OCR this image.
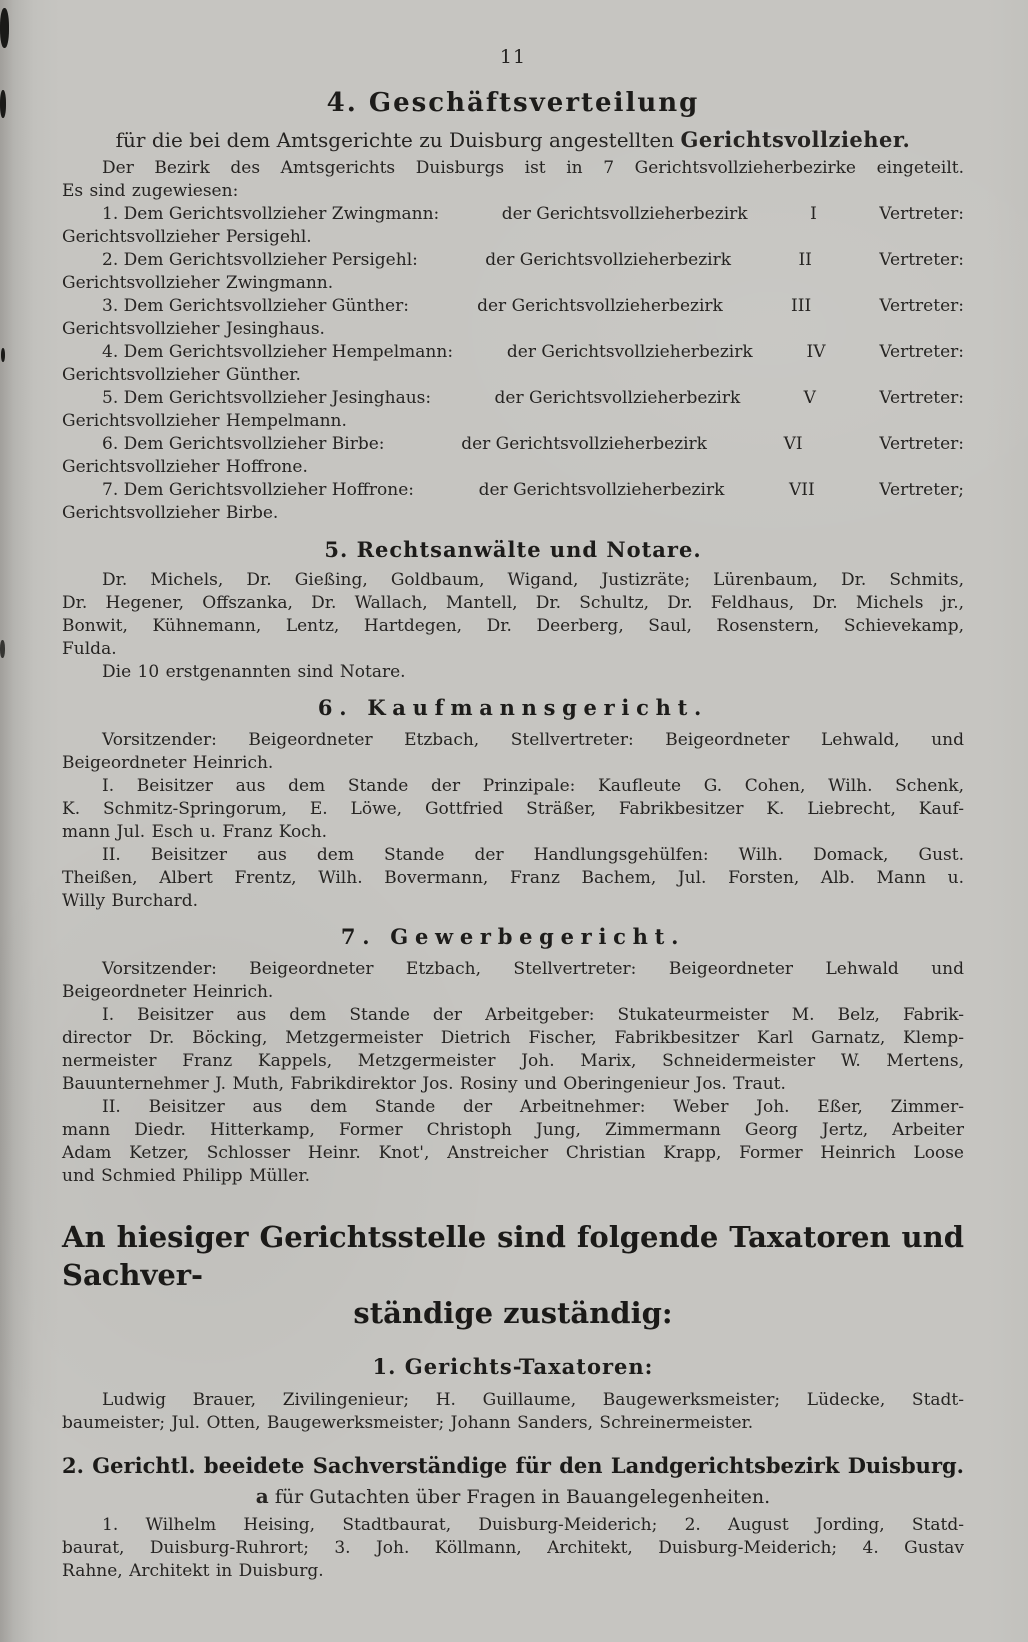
11
4. Geschäftsverteilung
für die bei dem Amtsgerichte zu Duisburg angestellten Gerichtsvollzieher.
Der Bezirk des Amtsgerichts Duisburgs ist in 7 Gerichtsvollzieherbezirke eingeteilt.
Es sind zugewiesen:
1. Dem Gerichtsvollzieher Zwingmann:	der Gerichtsvollzieherbezirk	I	Vertreter:
Gerichtsvollzieher Persigehl.
2. Dem Gerichtsvollzieher Persigehl:	der Gerichtsvollzieherbezirk	II	Vertreter:
Gerichtsvollzieher Zwingmann.
3. Dem Gerichtsvollzieher Günther:	der Gerichtsvollzieherbezirk	III	Vertreter:
Gerichtsvollzieher Jesinghaus.
4. Dem Gerichtsvollzieher Hempelmann:	der Gerichtsvollzieherbezirk	IV	Vertreter:
Gerichtsvollzieher Günther.
5. Dem Gerichtsvollzieher Jesinghaus:	der Gerichtsvollzieherbezirk	V	Vertreter:
Gerichtsvollzieher Hempelmann.
6. Dem Gerichtsvollzieher Birbe:	der Gerichtsvollzieherbezirk	VI	Vertreter:
Gerichtsvollzieher Hoffrone.
7. Dem Gerichtsvollzieher Hoffrone:	der Gerichtsvollzieherbezirk	VII	Vertreter;
Gerichtsvollzieher Birbe.
5. Rechtsanwälte und Notare.
Dr. Michels, Dr. Gießing, Goldbaum, Wigand, Justizräte; Lürenbaum, Dr. Schmits,
Dr. Hegener, Offszanka, Dr. Wallach, Mantell, Dr. Schultz, Dr. Feldhaus, Dr. Michels jr.,
Bonwit, Kühnemann, Lentz, Hartdegen, Dr. Deerberg, Saul, Rosenstern, Schievekamp,
Fulda.
Die 10 erstgenannten sind Notare.
6. Kaufmannsgericht.
Vorsitzender: Beigeordneter Etzbach, Stellvertreter: Beigeordneter Lehwald, und
Beigeordneter Heinrich.
I. Beisitzer aus dem Stande der Prinzipale: Kaufleute G. Cohen, Wilh. Schenk,
K. Schmitz-Springorum, E. Löwe, Gottfried Sträßer, Fabrikbesitzer K. Liebrecht, Kauf-
mann Jul. Esch u. Franz Koch.
II. Beisitzer aus dem Stande der Handlungsgehülfen: Wilh. Domack, Gust.
Theißen, Albert Frentz, Wilh. Bovermann, Franz Bachem, Jul. Forsten, Alb. Mann u.
Willy Burchard.
7. Gewerbegericht.
Vorsitzender: Beigeordneter Etzbach, Stellvertreter: Beigeordneter Lehwald und
Beigeordneter Heinrich.
I. Beisitzer aus dem Stande der Arbeitgeber: Stukateurmeister M. Belz, Fabrik-
director Dr. Böcking, Metzgermeister Dietrich Fischer, Fabrikbesitzer Karl Garnatz, Klemp-
nermeister Franz Kappels, Metzgermeister Joh. Marix, Schneidermeister W. Mertens,
Bauunternehmer J. Muth, Fabrikdirektor Jos. Rosiny und Oberingenieur Jos. Traut.
II. Beisitzer aus dem Stande der Arbeitnehmer: Weber Joh. Eßer, Zimmer-
mann Diedr. Hitterkamp, Former Christoph Jung, Zimmermann Georg Jertz, Arbeiter
Adam Ketzer, Schlosser Heinr. Knot', Anstreicher Christian Krapp, Former Heinrich Loose
und Schmied Philipp Müller.
An hiesiger Gerichtsstelle sind folgende Taxatoren und Sachver-
ständige zuständig:
1. Gerichts-Taxatoren:
Ludwig Brauer, Zivilingenieur; H. Guillaume, Baugewerksmeister; Lüdecke, Stadt-
baumeister; Jul. Otten, Baugewerksmeister; Johann Sanders, Schreinermeister.
2. Gerichtl. beeidete Sachverständige für den Landgerichtsbezirk Duisburg.
a für Gutachten über Fragen in Bauangelegenheiten.
1. Wilhelm Heising, Stadtbaurat, Duisburg-Meiderich; 2. August Jording, Statd-
baurat, Duisburg-Ruhrort; 3. Joh. Köllmann, Architekt, Duisburg-Meiderich; 4. Gustav
Rahne, Architekt in Duisburg.
